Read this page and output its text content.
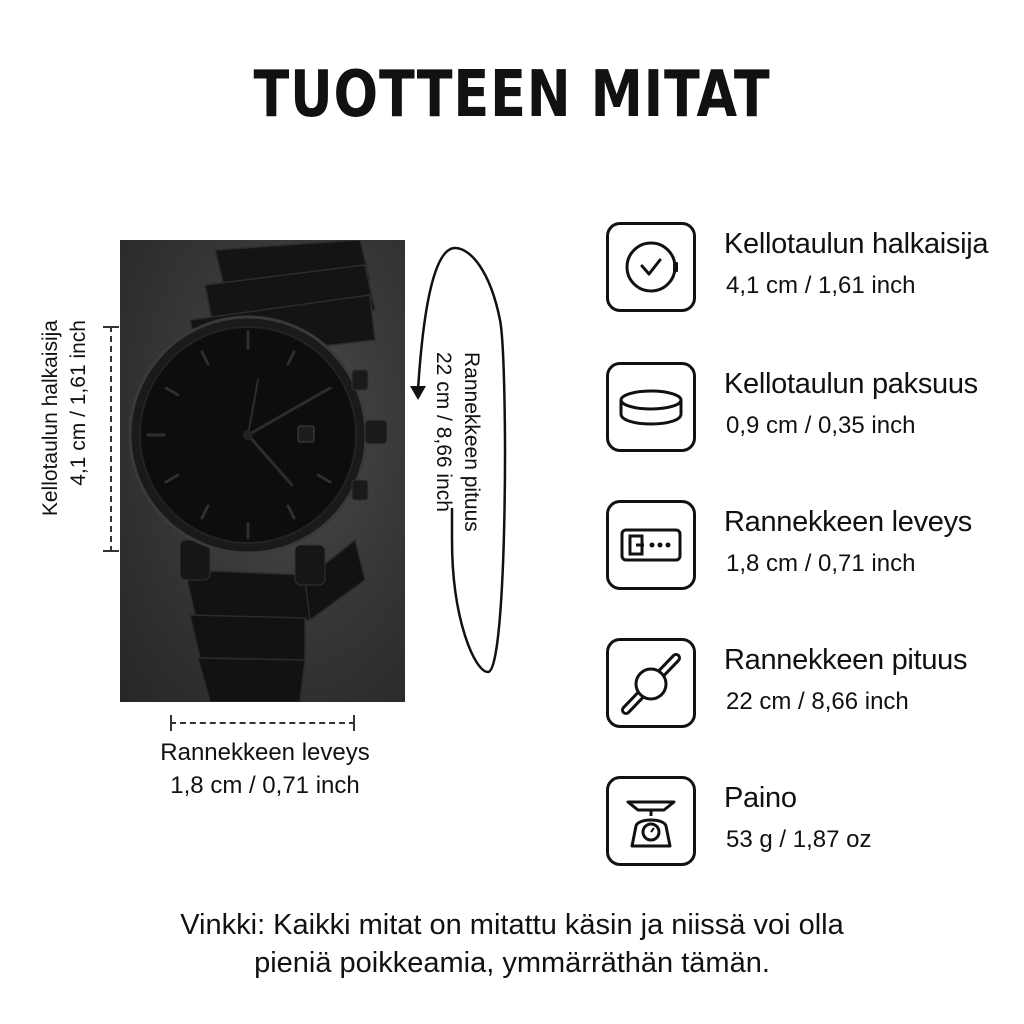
TUOTTEEN MITAT
Kellotaulun halkaisija 4,1 cm / 1,61 inch	Rannekkeen pituus
22 cm / 8,66 inch
Rannekkeen leveys
1,8 cm / 0,71 inch
Kellotaulun halkaisija
4,1 cm / 1,61 inch
Kellotaulun paksuus
0,9 cm / 0,35 inch
Rannekkeen leveys
1,8 cm / 0,71 inch
Rannekkeen pituus
22 cm / 8,66 inch
Paino
53 g / 1,87 oz
Vinkki: Kaikki mitat on mitattu käsin ja niissä voi olla
pieniä poikkeamia, ymmärräthän tämän.
